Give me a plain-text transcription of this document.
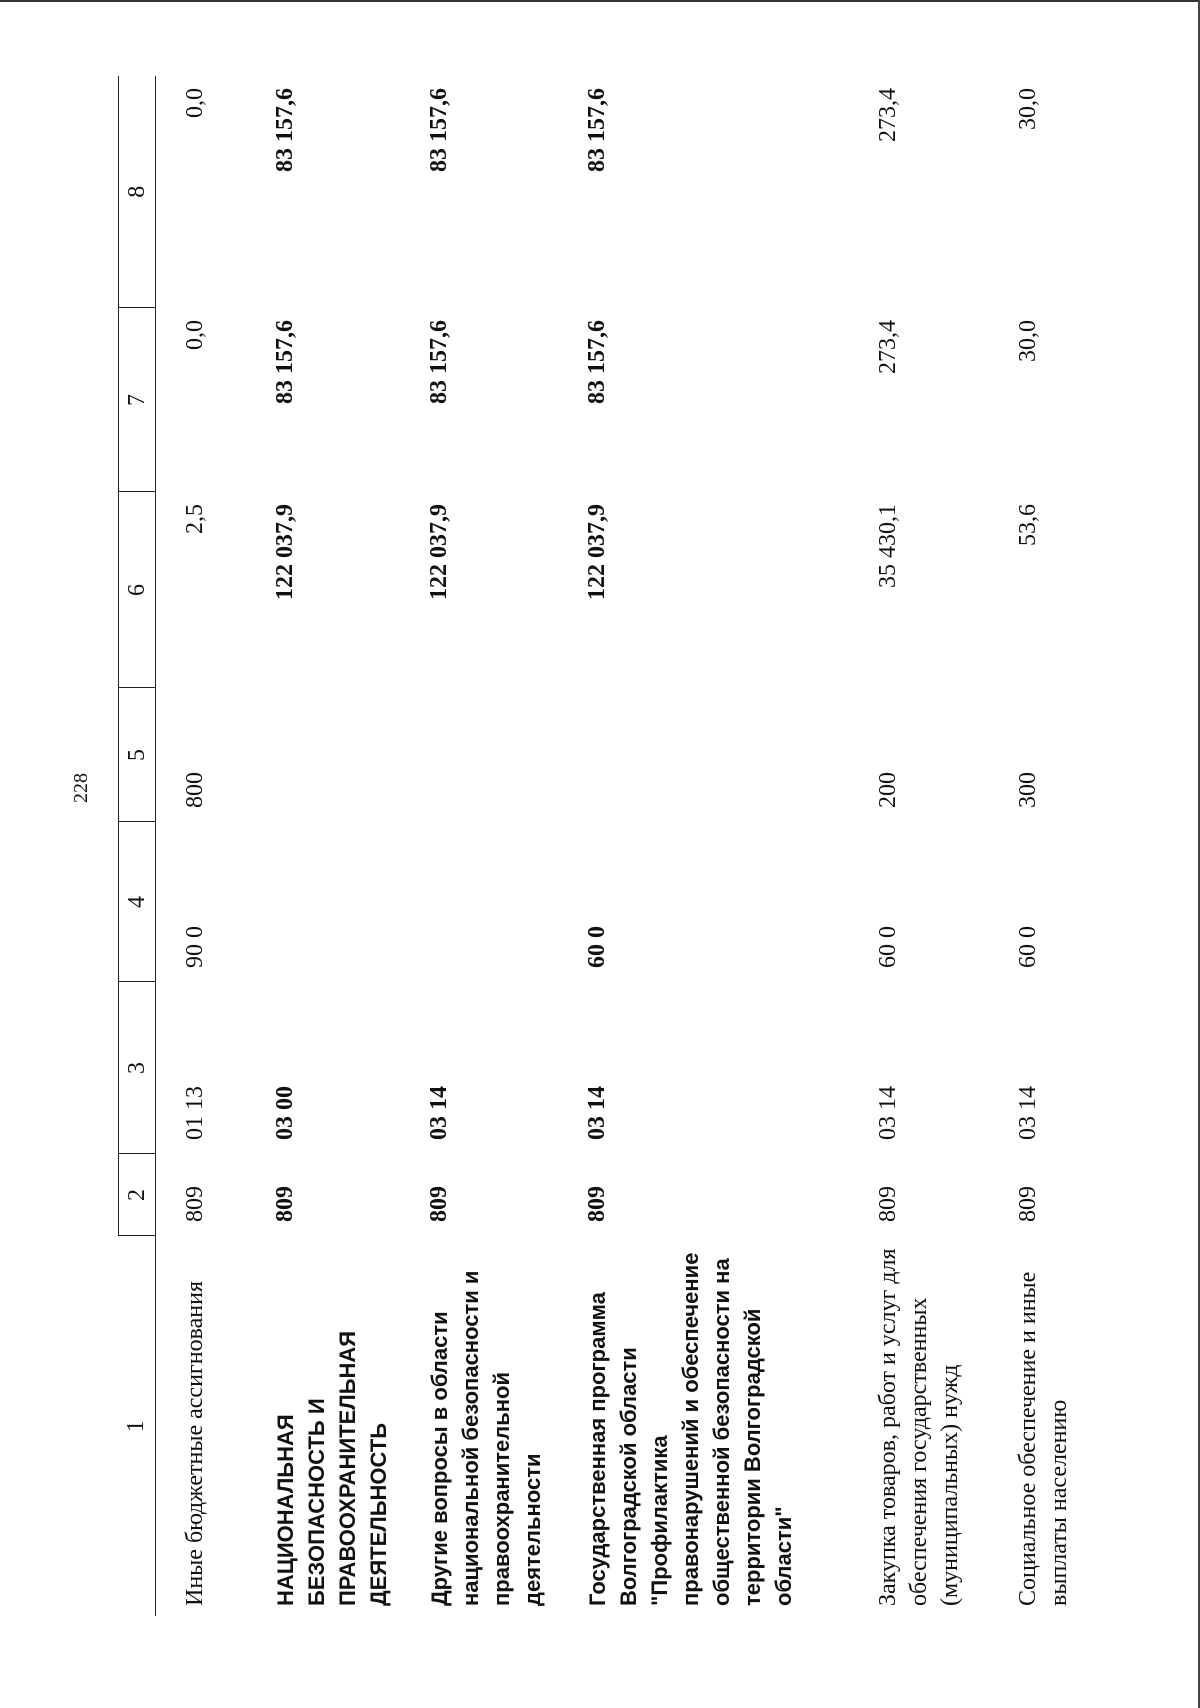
228
1	2	3	4	5	6	7	8
Иные бюджетные ассигнования	809	01 13	90 0	800	2,5	0,0	0,0
НАЦИОНАЛЬНАЯ БЕЗОПАСНОСТЬ И ПРАВООХРАНИТЕЛЬНАЯ ДЕЯТЕЛЬНОСТЬ	809	03 00			122 037,9	83 157,6	83 157,6
Другие вопросы в области национальной безопасности и правоохранительной деятельности	809	03 14			122 037,9	83 157,6	83 157,6
Государственная программа Волгоградской области "Профилактика правонарушений и обеспечение общественной безопасности на территории Волгоградской области"	809	03 14	60 0		122 037,9	83 157,6	83 157,6
Закупка товаров, работ и услуг для обеспечения государственных (муниципальных) нужд	809	03 14	60 0	200	35 430,1	273,4	273,4
Социальное обеспечение и иные выплаты населению	809	03 14	60 0	300	53,6	30,0	30,0
